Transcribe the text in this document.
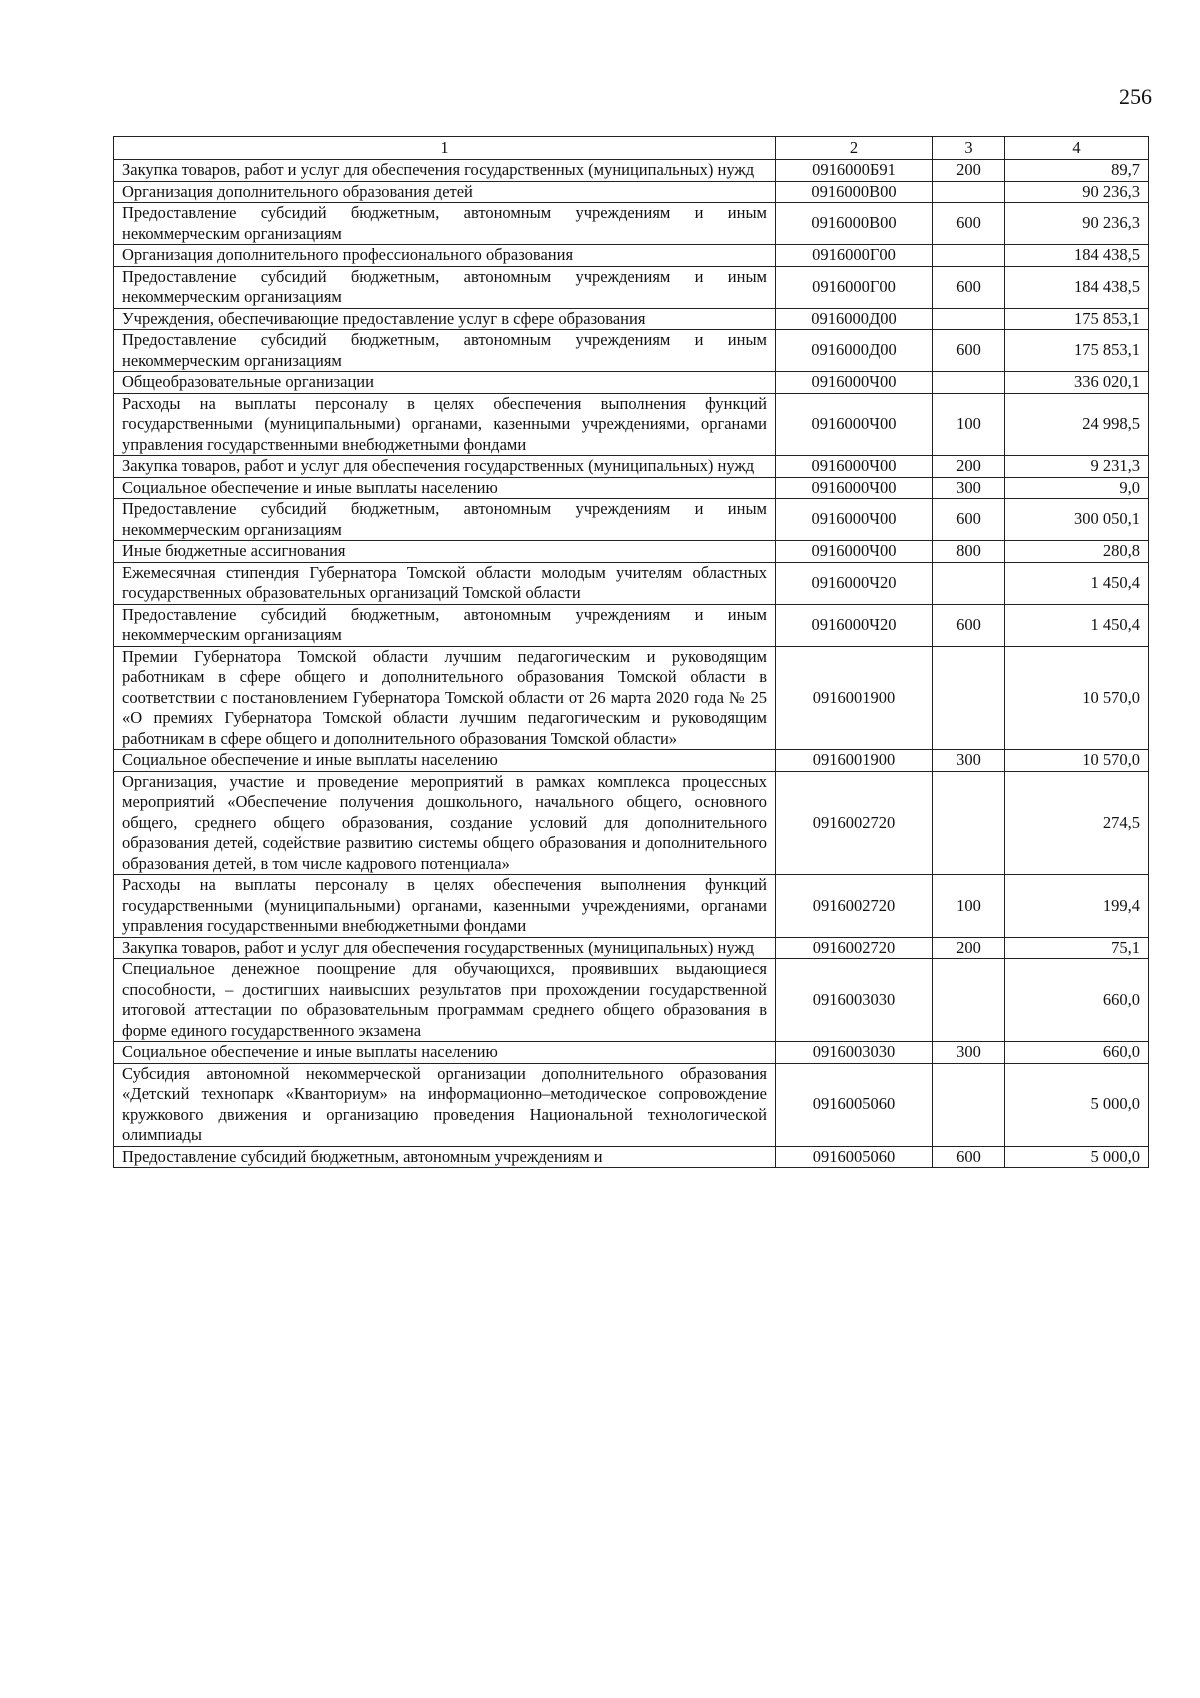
256
1	2	3	4
Закупка товаров, работ и услуг для обеспечения государственных (муниципальных) нужд	0916000Б91	200	89,7
Организация дополнительного образования детей	0916000В00		90 236,3
Предоставление субсидий бюджетным, автономным учреждениям и иным некоммерческим организациям	0916000В00	600	90 236,3
Организация дополнительного профессионального образования	0916000Г00		184 438,5
Предоставление субсидий бюджетным, автономным учреждениям и иным некоммерческим организациям	0916000Г00	600	184 438,5
Учреждения, обеспечивающие предоставление услуг в сфере образования	0916000Д00		175 853,1
Предоставление субсидий бюджетным, автономным учреждениям и иным некоммерческим организациям	0916000Д00	600	175 853,1
Общеобразовательные организации	0916000Ч00		336 020,1
Расходы на выплаты персоналу в целях обеспечения выполнения функций государственными (муниципальными) органами, казенными учреждениями, органами управления государственными внебюджетными фондами	0916000Ч00	100	24 998,5
Закупка товаров, работ и услуг для обеспечения государственных (муниципальных) нужд	0916000Ч00	200	9 231,3
Социальное обеспечение и иные выплаты населению	0916000Ч00	300	9,0
Предоставление субсидий бюджетным, автономным учреждениям и иным некоммерческим организациям	0916000Ч00	600	300 050,1
Иные бюджетные ассигнования	0916000Ч00	800	280,8
Ежемесячная стипендия Губернатора Томской области молодым учителям областных государственных образовательных организаций Томской области	0916000Ч20		1 450,4
Предоставление субсидий бюджетным, автономным учреждениям и иным некоммерческим организациям	0916000Ч20	600	1 450,4
Премии Губернатора Томской области лучшим педагогическим и руководящим работникам в сфере общего и дополнительного образования Томской области в соответствии с постановлением Губернатора Томской области от 26 марта 2020 года № 25 «О премиях Губернатора Томской области лучшим педагогическим и руководящим работникам в сфере общего и дополнительного образования Томской области»	0916001900		10 570,0
Социальное обеспечение и иные выплаты населению	0916001900	300	10 570,0
Организация, участие и проведение мероприятий в рамках комплекса процессных мероприятий «Обеспечение получения дошкольного, начального общего, основного общего, среднего общего образования, создание условий для дополнительного образования детей, содействие развитию системы общего образования и дополнительного образования детей, в том числе кадрового потенциала»	0916002720		274,5
Расходы на выплаты персоналу в целях обеспечения выполнения функций государственными (муниципальными) органами, казенными учреждениями, органами управления государственными внебюджетными фондами	0916002720	100	199,4
Закупка товаров, работ и услуг для обеспечения государственных (муниципальных) нужд	0916002720	200	75,1
Специальное денежное поощрение для обучающихся, проявивших выдающиеся способности, – достигших наивысших результатов при прохождении государственной итоговой аттестации по образовательным программам среднего общего образования в форме единого государственного экзамена	0916003030		660,0
Социальное обеспечение и иные выплаты населению	0916003030	300	660,0
Субсидия автономной некоммерческой организации дополнительного образования «Детский технопарк «Кванториум» на информационно–методическое сопровождение кружкового движения и организацию проведения Национальной технологической олимпиады	0916005060		5 000,0
Предоставление субсидий бюджетным, автономным учреждениям и	0916005060	600	5 000,0
